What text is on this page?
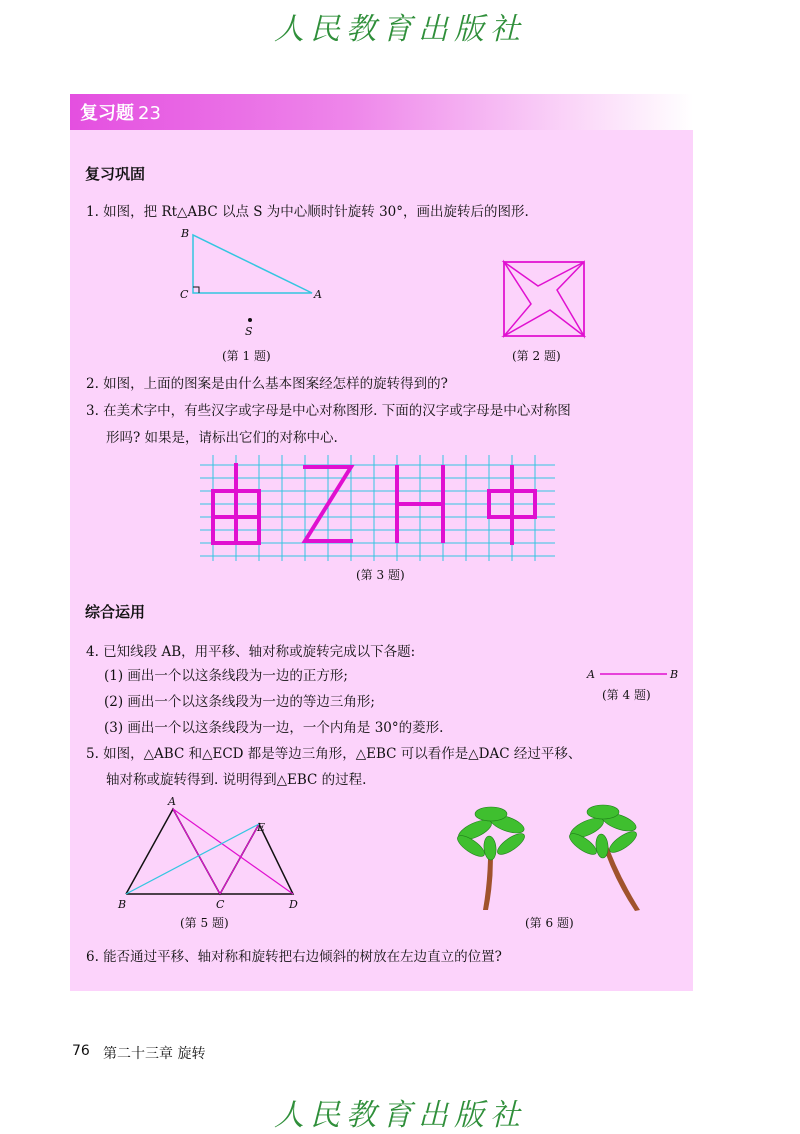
人民教育出版社
复习题 23
复习巩固
1. 如图，把 Rt△ABC 以点 S 为中心顺时针旋转 30°，画出旋转后的图形.
B
C	A
S
(第 1 题)	(第 2 题)
2. 如图，上面的图案是由什么基本图案经怎样的旋转得到的?
3. 在美术字中，有些汉字或字母是中心对称图形. 下面的汉字或字母是中心对称图
形吗? 如果是，请标出它们的对称中心.
(第 3 题)
综合运用
4. 已知线段 AB，用平移、轴对称或旋转完成以下各题:
(1) 画出一个以这条线段为一边的正方形;
(2) 画出一个以这条线段为一边的等边三角形;
(3) 画出一个以这条线段为一边，一个内角是 30°的菱形.
A	B
(第 4 题)
5. 如图，△ABC 和△ECD 都是等边三角形，△EBC 可以看作是△DAC 经过平移、
轴对称或旋转得到. 说明得到△EBC 的过程.
A
E
B	C	D
(第 5 题)	(第 6 题)
6. 能否通过平移、轴对称和旋转把右边倾斜的树放在左边直立的位置?
76 第二十三章 旋转
人民教育出版社
